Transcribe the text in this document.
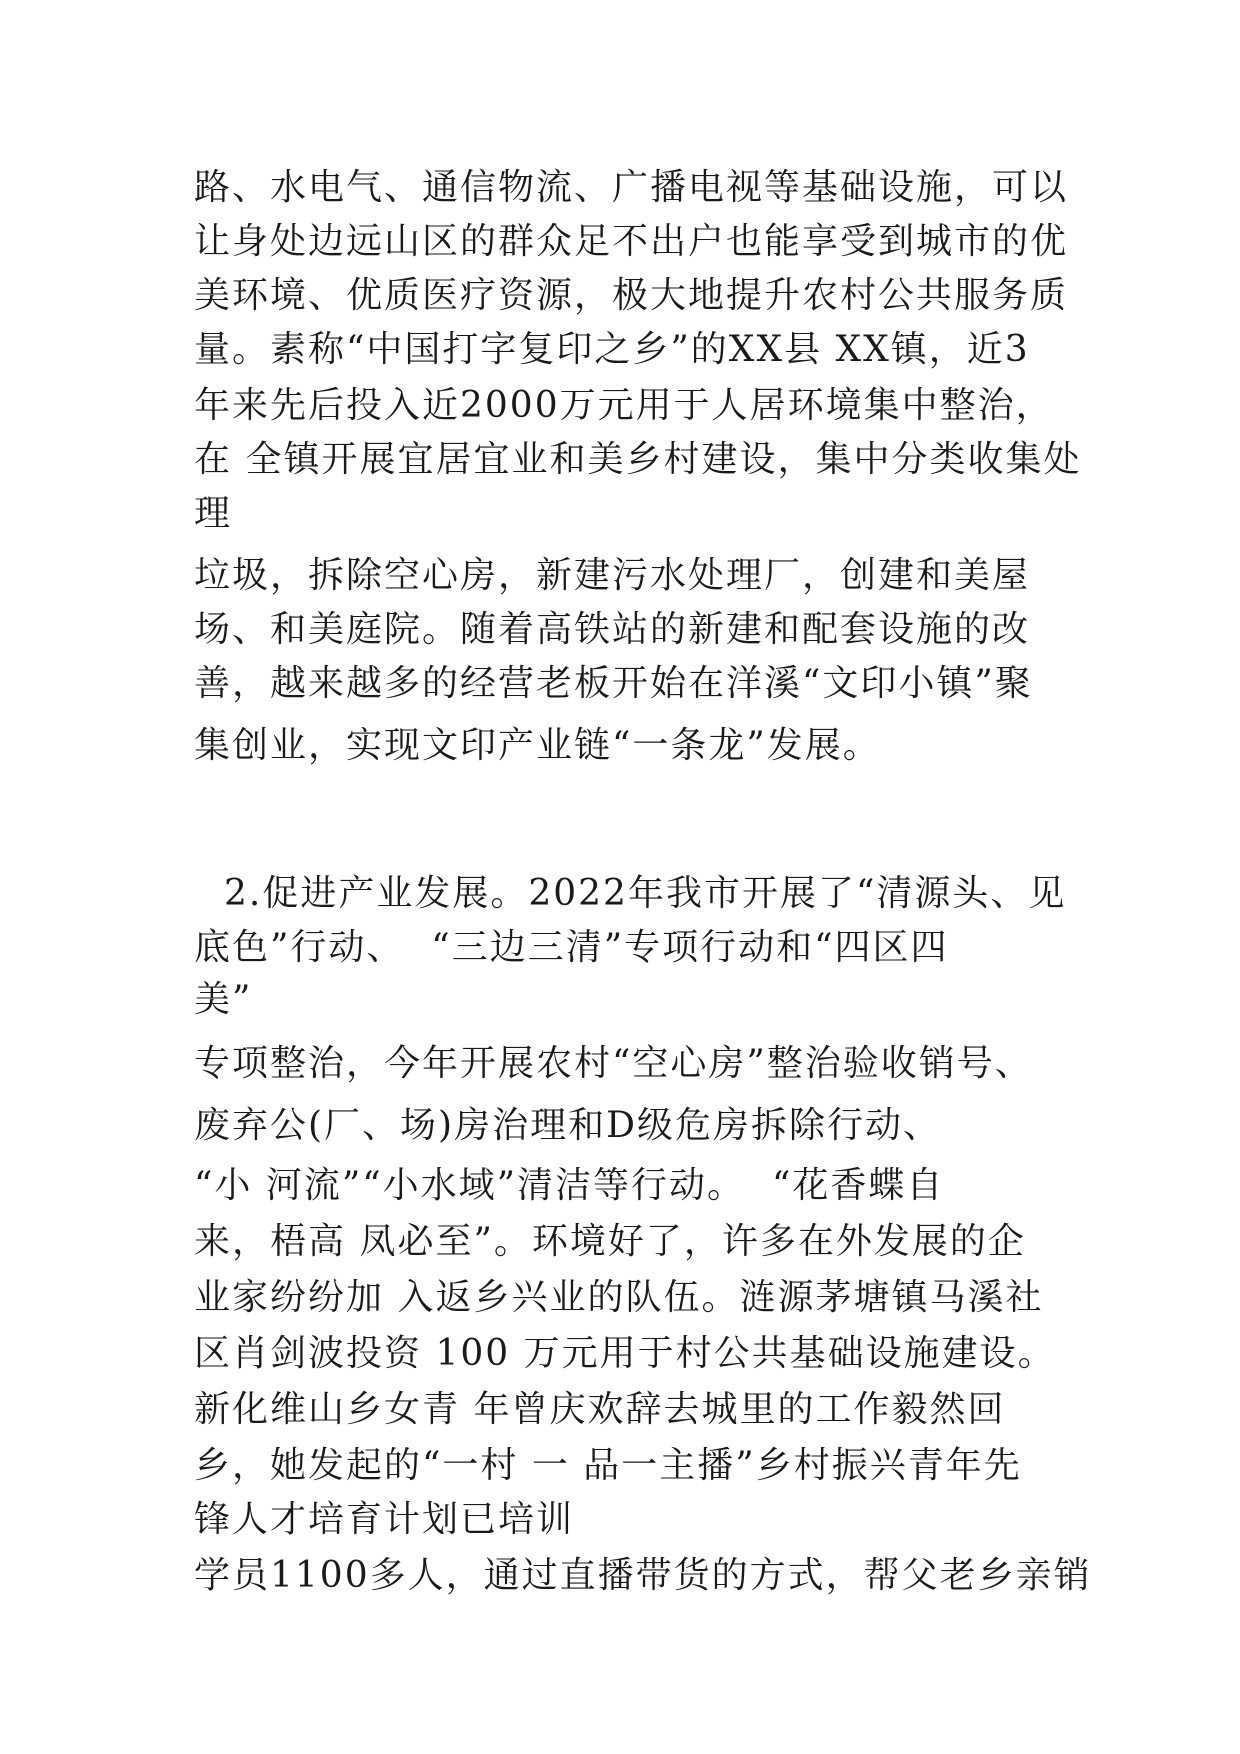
路、水电气、通信物流、广播电视等基础设施，可以
让身处边远山区的群众足不出户也能享受到城市的优
美环境、优质医疗资源，极大地提升农村公共服务质
量。素称“中国打字复印之乡”的XX县 XX镇，近3
年来先后投入近2000万元用于人居环境集中整治，
在 全镇开展宜居宜业和美乡村建设，集中分类收集处
理
垃圾，拆除空心房，新建污水处理厂，创建和美屋
场、和美庭院。随着高铁站的新建和配套设施的改
善，越来越多的经营老板开始在洋溪“文印小镇”聚
集创业，实现文印产业链“一条龙”发展。
2.促进产业发展。2022年我市开展了“清源头、见
底色”行动、  “三边三清”专项行动和“四区四
美”
专项整治，今年开展农村“空心房”整治验收销号、
废弃公(厂、场)房治理和D级危房拆除行动、
“小 河流”“小水域”清洁等行动。  “花香蝶自
来，梧高 凤必至”。环境好了，许多在外发展的企
业家纷纷加 入返乡兴业的队伍。涟源茅塘镇马溪社
区肖剑波投资 100 万元用于村公共基础设施建设。
新化维山乡女青 年曾庆欢辞去城里的工作毅然回
乡，她发起的“一村 一 品一主播”乡村振兴青年先
锋人才培育计划已培训
学员1100多人，通过直播带货的方式，帮父老乡亲销
